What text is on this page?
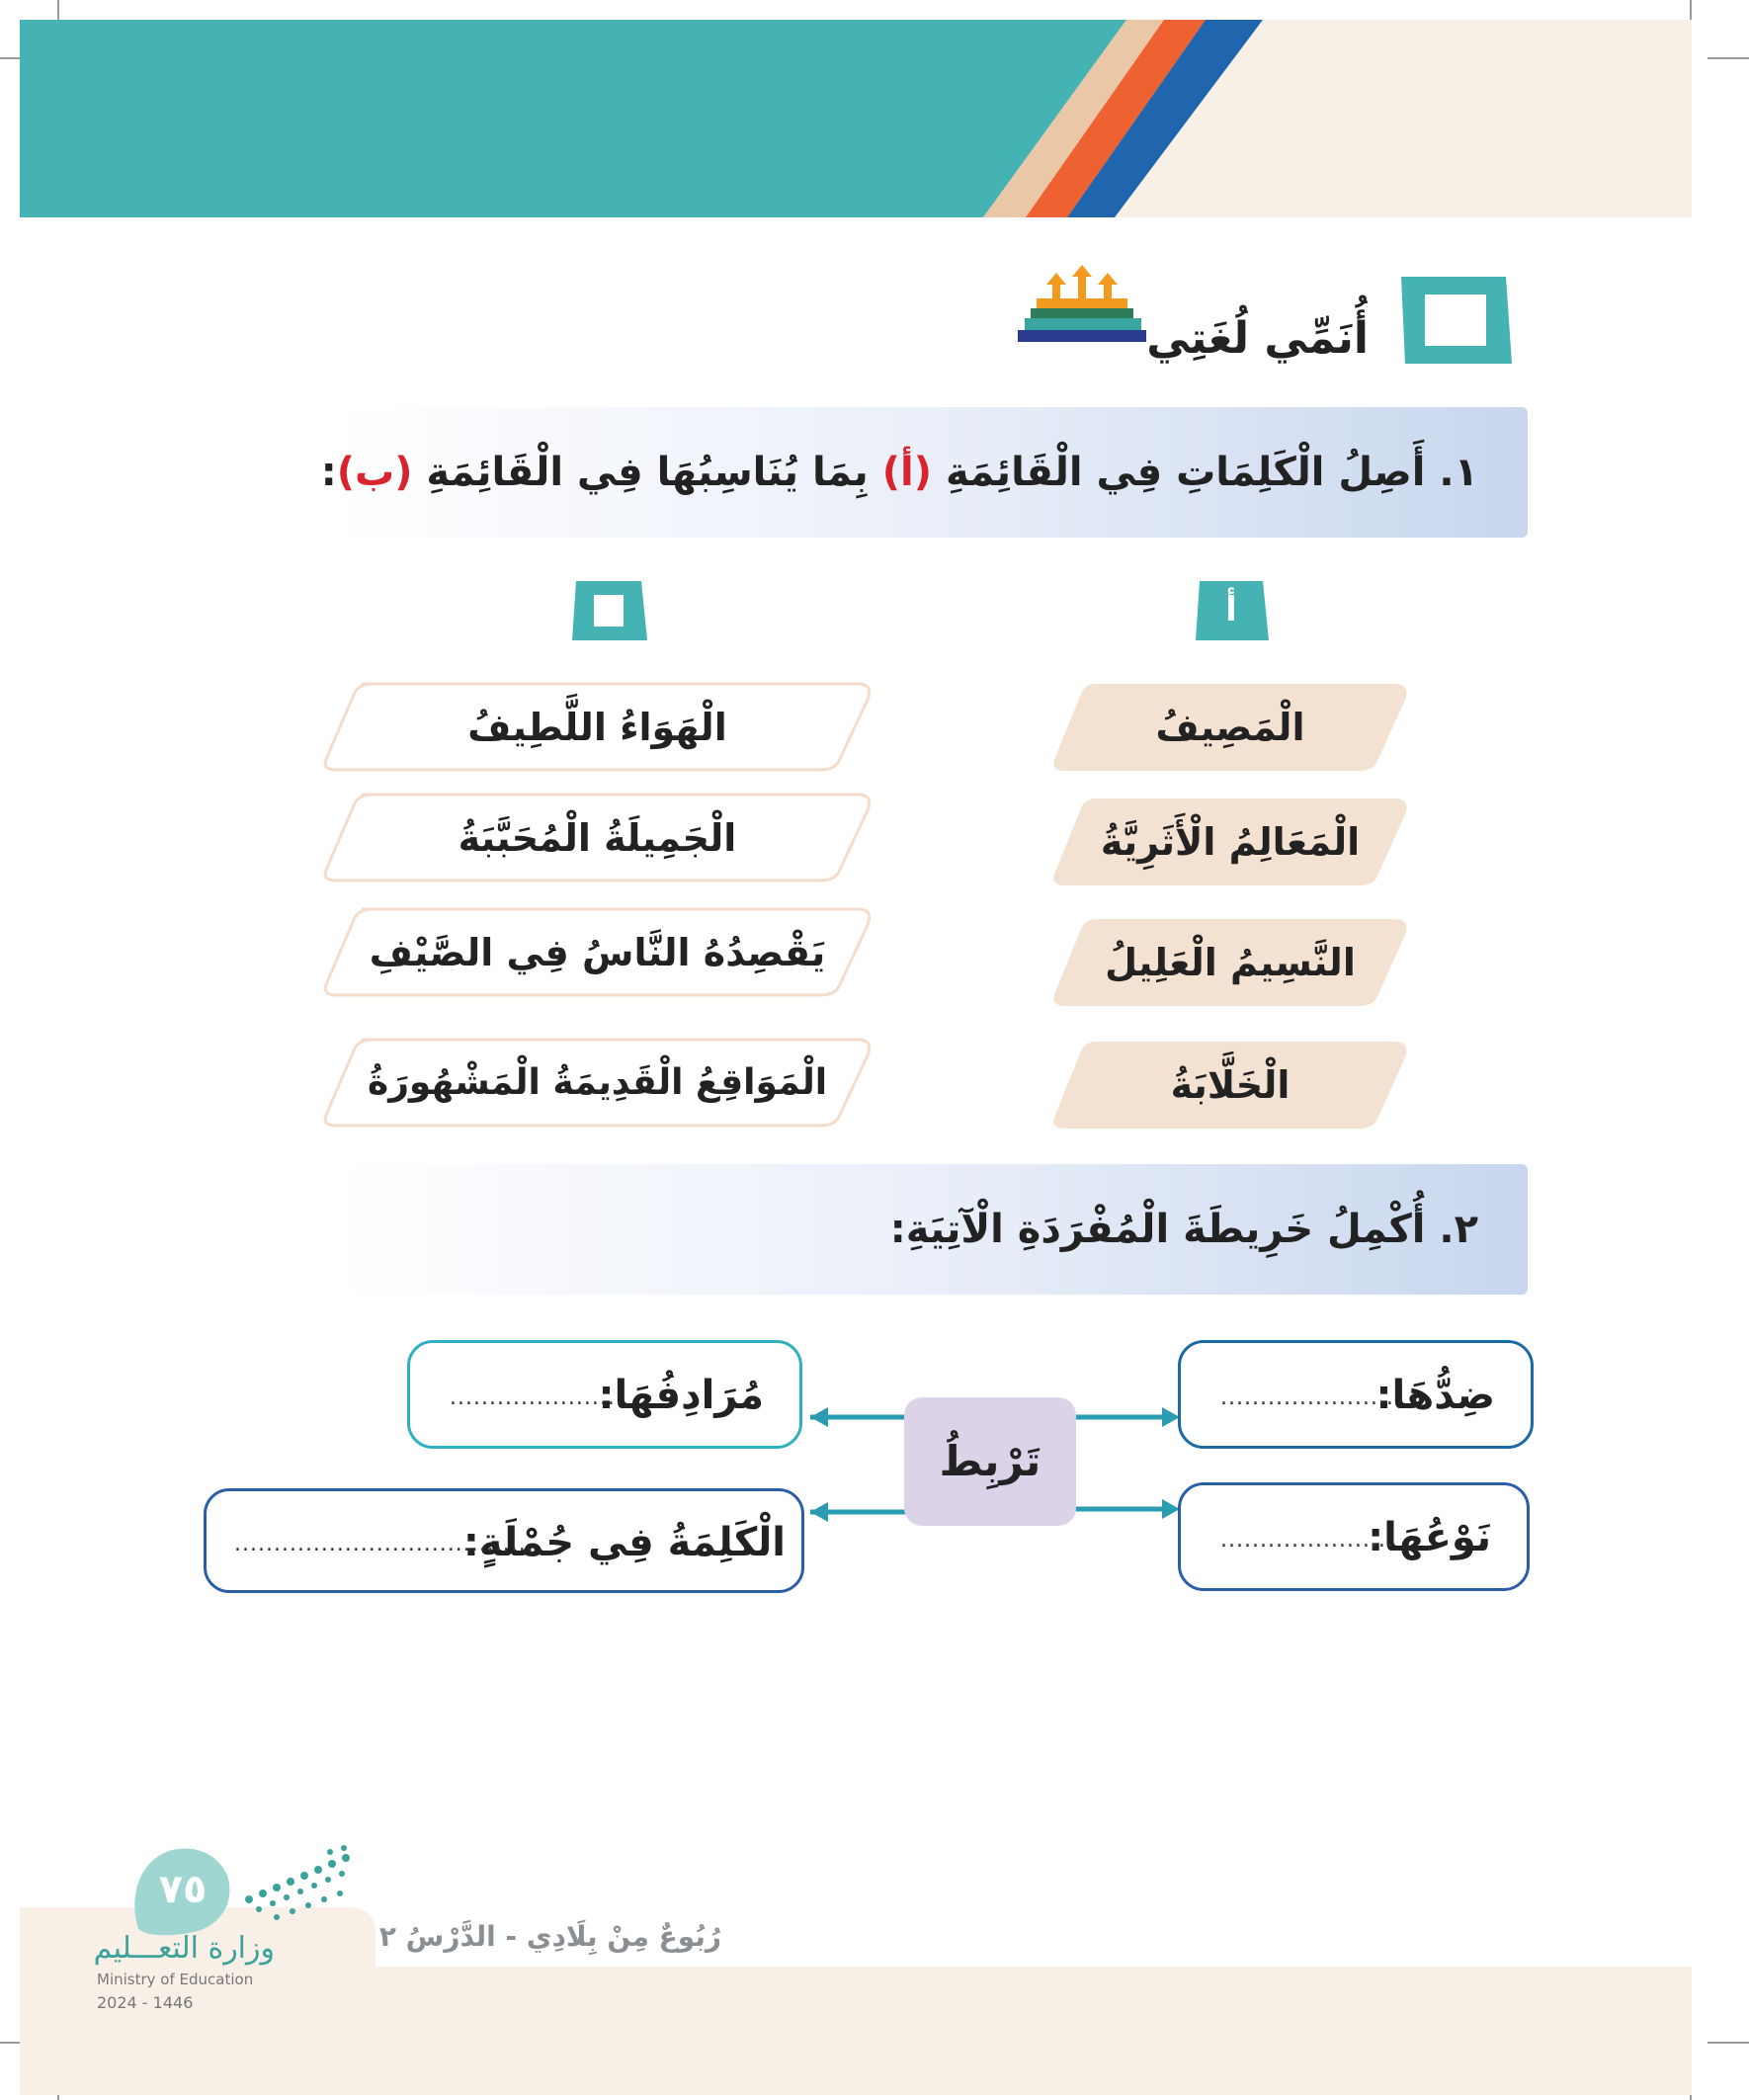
أُنَمِّي لُغَتِي
١. أَصِلُ الْكَلِمَاتِ فِي الْقَائِمَةِ (أ) بِمَا يُنَاسِبُهَا فِي الْقَائِمَةِ (ب):
أ
الْمَصِيفُ
الْمَعَالِمُ الْأَثَرِيَّةُ
النَّسِيمُ الْعَلِيلُ
الْخَلَّابَةُ
الْهَوَاءُ اللَّطِيفُ
الْجَمِيلَةُ الْمُحَبَّبَةُ
يَقْصِدُهُ النَّاسُ فِي الصَّيْفِ
الْمَوَاقِعُ الْقَدِيمَةُ الْمَشْهُورَةُ
٢. أُكْمِلُ خَرِيطَةَ الْمُفْرَدَةِ الْآتِيَةِ:
تَرْبِطُ
ضِدُّهَا:
......................
مُرَادِفُهَا:
......................
نَوْعُهَا:
......................
الْكَلِمَةُ فِي جُمْلَةٍ:
......................................
رُبُوعٌ مِنْ بِلَادِي - الدَّرْسُ ٢
٧٥
وزارة التعـــليم
Ministry of Education
2024 - 1446
